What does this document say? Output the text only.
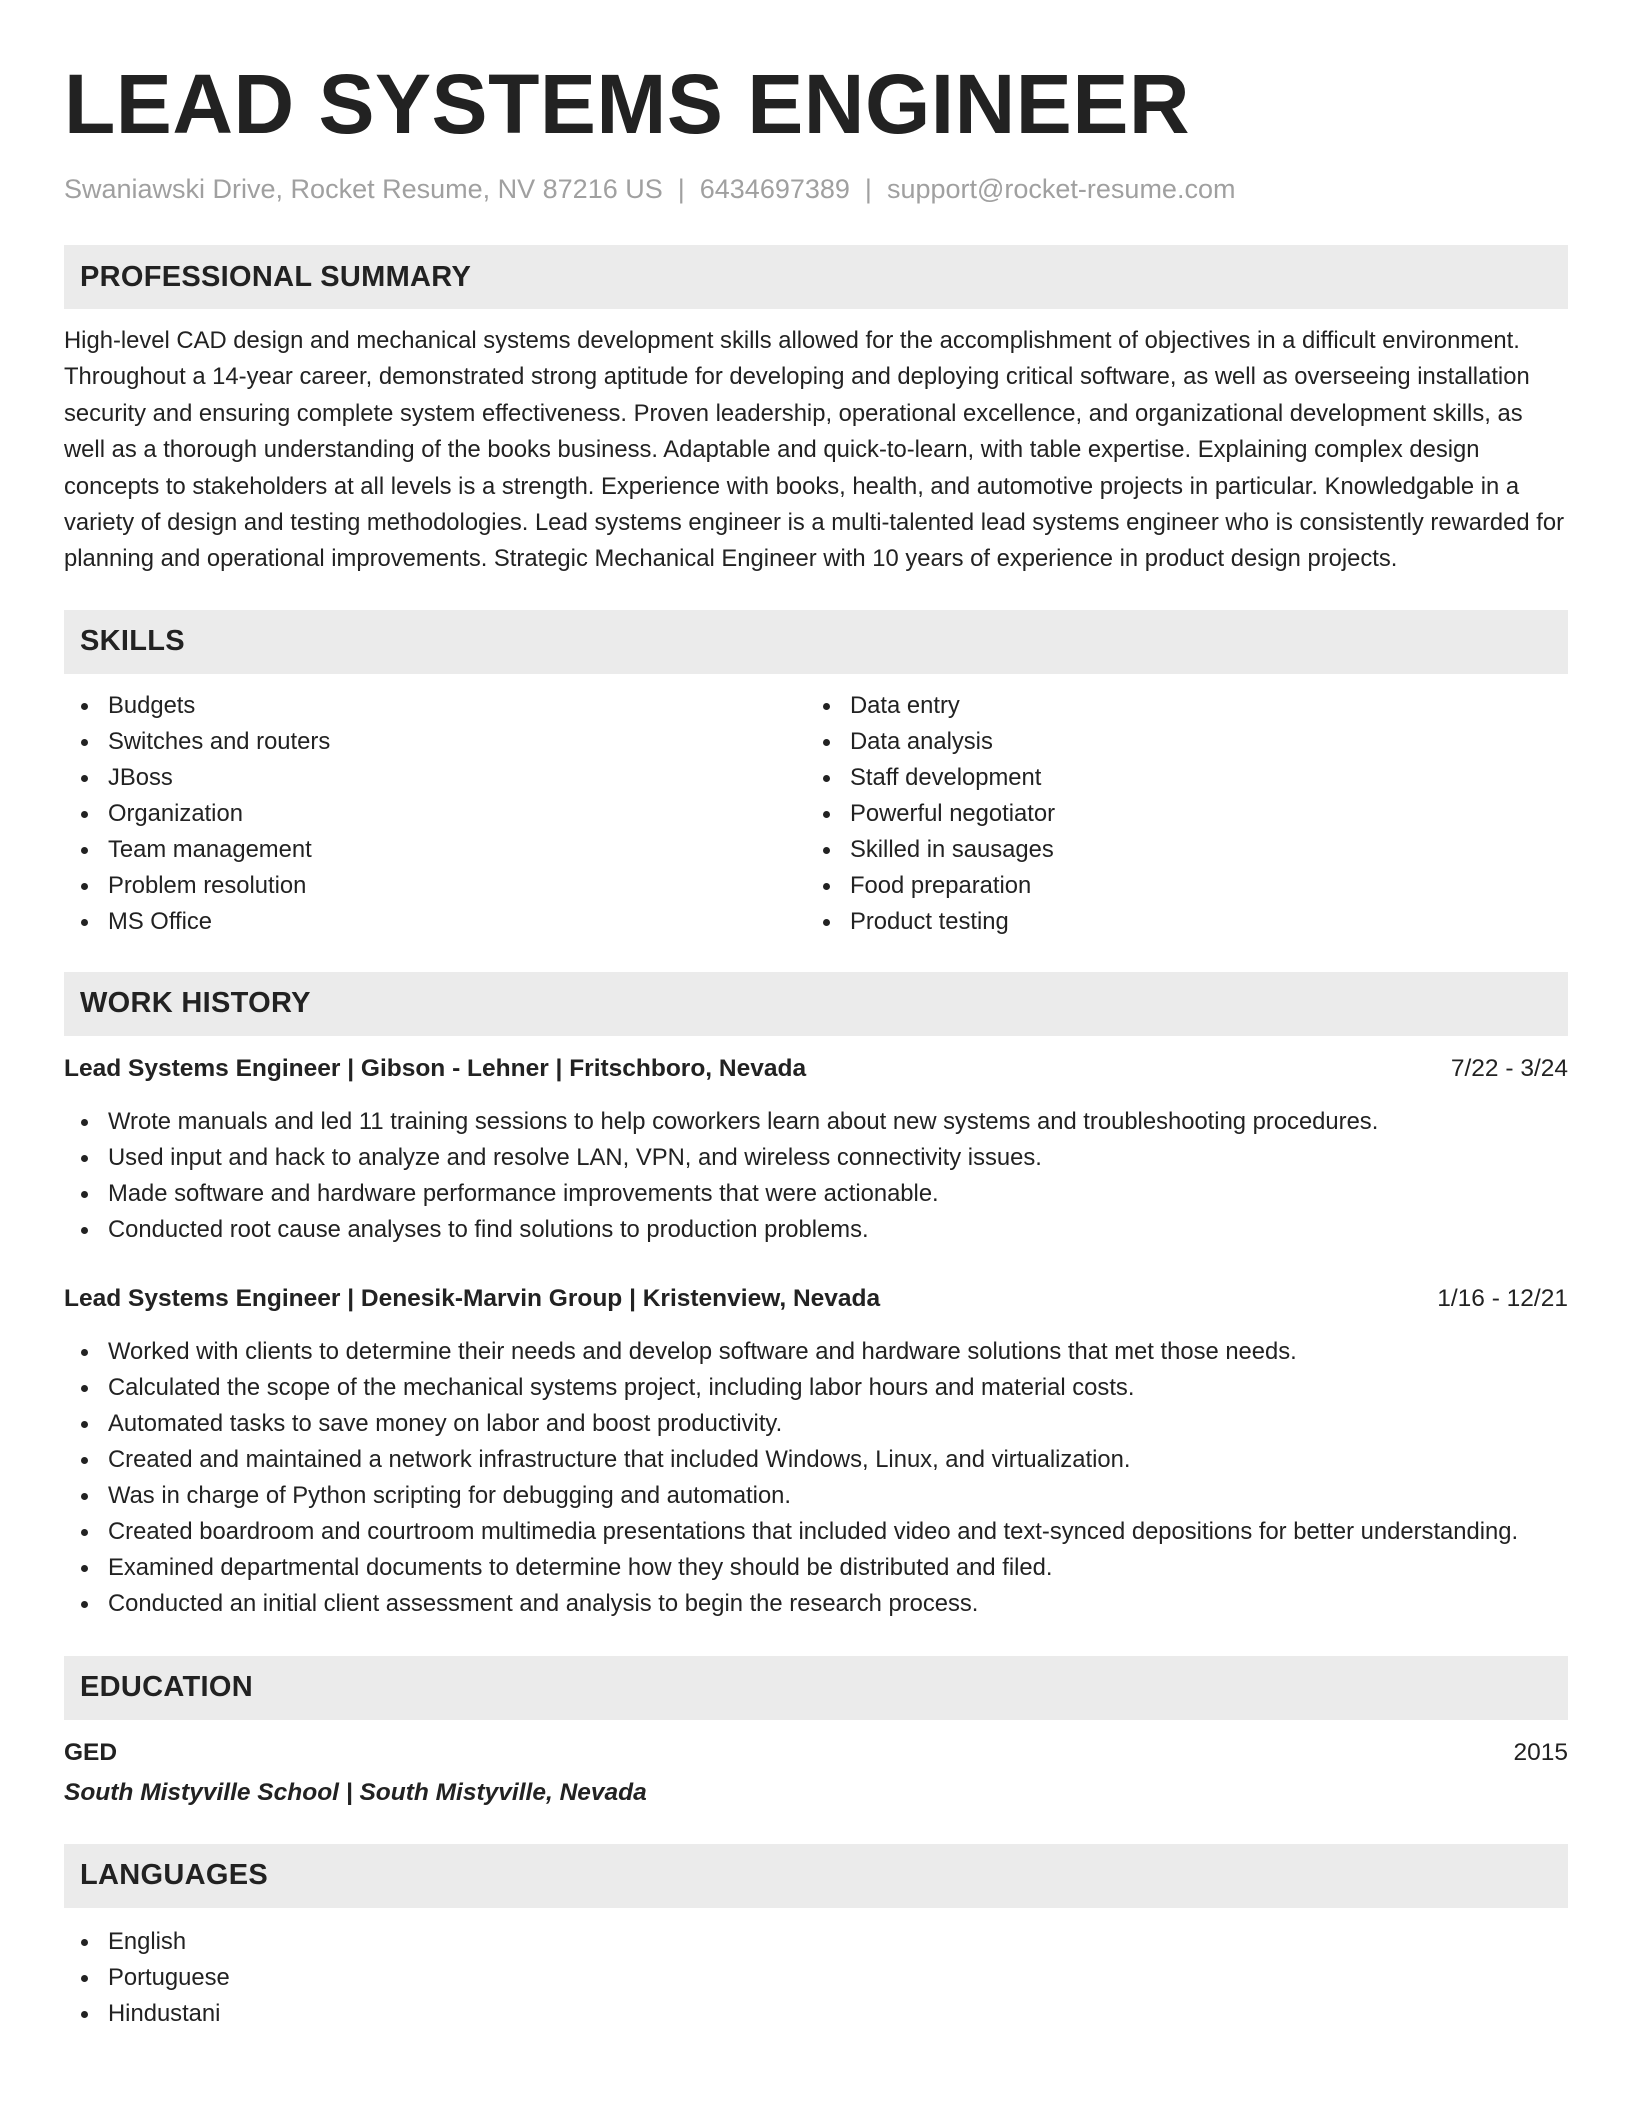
LEAD SYSTEMS ENGINEER
Swaniawski Drive, Rocket Resume, NV 87216 US | 6434697389 | support@rocket-resume.com
PROFESSIONAL SUMMARY
High-level CAD design and mechanical systems development skills allowed for the accomplishment of objectives in a difficult environment. Throughout a 14-year career, demonstrated strong aptitude for developing and deploying critical software, as well as overseeing installation security and ensuring complete system effectiveness. Proven leadership, operational excellence, and organizational development skills, as well as a thorough understanding of the books business. Adaptable and quick-to-learn, with table expertise. Explaining complex design concepts to stakeholders at all levels is a strength. Experience with books, health, and automotive projects in particular. Knowledgable in a variety of design and testing methodologies. Lead systems engineer is a multi-talented lead systems engineer who is consistently rewarded for planning and operational improvements. Strategic Mechanical Engineer with 10 years of experience in product design projects.
SKILLS
Budgets
Switches and routers
JBoss
Organization
Team management
Problem resolution
MS Office
Data entry
Data analysis
Staff development
Powerful negotiator
Skilled in sausages
Food preparation
Product testing
WORK HISTORY
Lead Systems Engineer | Gibson - Lehner | Fritschboro, Nevada	7/22 - 3/24
Wrote manuals and led 11 training sessions to help coworkers learn about new systems and troubleshooting procedures.
Used input and hack to analyze and resolve LAN, VPN, and wireless connectivity issues.
Made software and hardware performance improvements that were actionable.
Conducted root cause analyses to find solutions to production problems.
Lead Systems Engineer | Denesik-Marvin Group | Kristenview, Nevada	1/16 - 12/21
Worked with clients to determine their needs and develop software and hardware solutions that met those needs.
Calculated the scope of the mechanical systems project, including labor hours and material costs.
Automated tasks to save money on labor and boost productivity.
Created and maintained a network infrastructure that included Windows, Linux, and virtualization.
Was in charge of Python scripting for debugging and automation.
Created boardroom and courtroom multimedia presentations that included video and text-synced depositions for better understanding.
Examined departmental documents to determine how they should be distributed and filed.
Conducted an initial client assessment and analysis to begin the research process.
EDUCATION
GED	2015
South Mistyville School | South Mistyville, Nevada
LANGUAGES
English
Portuguese
Hindustani
